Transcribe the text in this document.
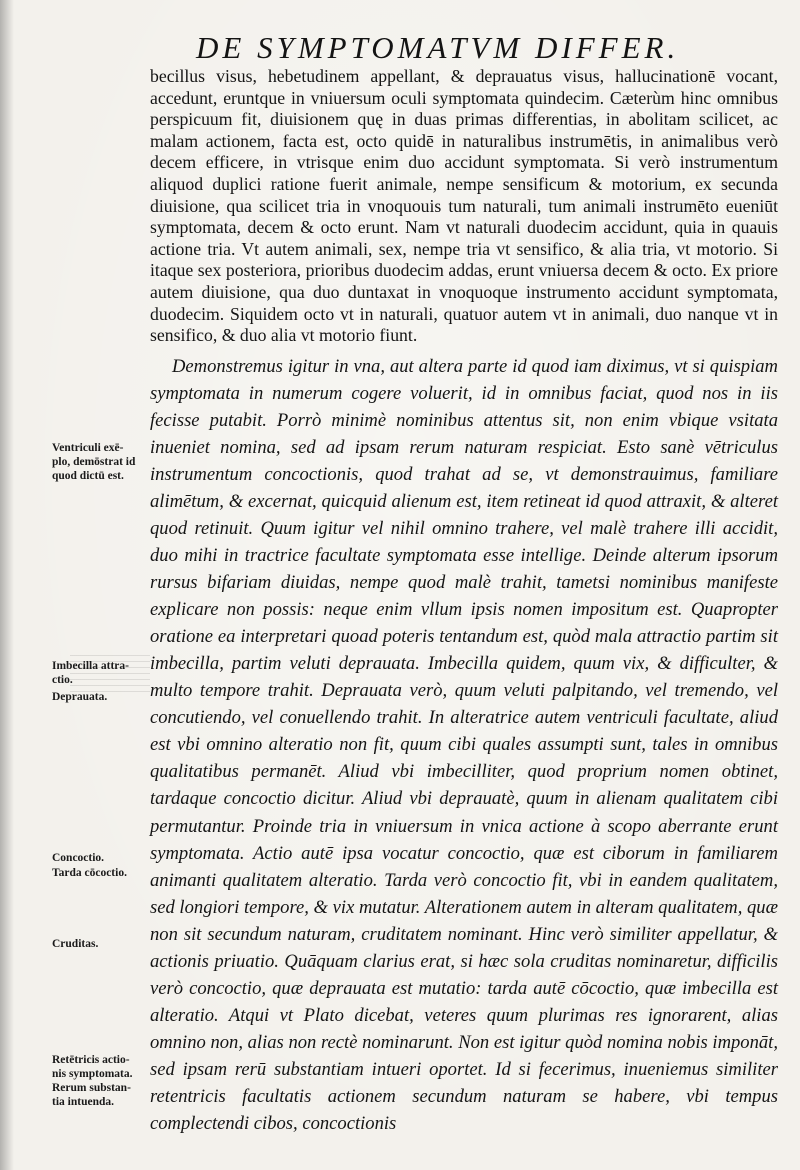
DE SYMPTOMATVM DIFFER.

becillus visus, hebetudinem appellant, & deprauatus visus, hallucinationē vocant, accedunt, eruntque in vniuersum oculi symptomata quindecim. Cæterùm hinc omnibus perspicuum fit, diuisionem quę in duas primas differentias, in abolitam scilicet, ac malam actionem, facta est, octo quidē in naturalibus instrumētis, in animalibus verò decem efficere, in vtrisque enim duo accidunt symptomata. Si verò instrumentum aliquod duplici ratione fuerit animale, nempe sensificum & motorium, ex secunda diuisione, qua scilicet tria in vnoquouis tum naturali, tum animali instrumēto eueniūt symptomata, decem & octo erunt. Nam vt naturali duodecim accidunt, quia in quauis actione tria. Vt autem animali, sex, nempe tria vt sensifico, & alia tria, vt motorio. Si itaque sex posteriora, prioribus duodecim addas, erunt vniuersa decem & octo. Ex priore autem diuisione, qua duo duntaxat in vnoquoque instrumento accidunt symptomata, duodecim. Siquidem octo vt in naturali, quatuor autem vt in animali, duo nanque vt in sensifico, & duo alia vt motorio fiunt.

Demonstremus igitur in vna, aut altera parte id quod iam diximus, vt si quispiam symptomata in numerum cogere voluerit, id in omnibus faciat, quod nos in iis fecisse putabit. Porrò minimè nominibus attentus sit, non enim vbique vsitata inueniet nomina, sed ad ipsam rerum naturam respiciat. Esto sanè vētriculus instrumentum concoctionis, quod trahat ad se, vt demonstrauimus, familiare alimētum, & excernat, quicquid alienum est, item retineat id quod attraxit, & alteret quod retinuit. Quum igitur vel nihil omnino trahere, vel malè trahere illi accidit, duo mihi in tractrice facultate symptomata esse intellige. Deinde alterum ipsorum rursus bifariam diuidas, nempe quod malè trahit, tametsi nominibus manifeste explicare non possis: neque enim vllum ipsis nomen impositum est. Quapropter oratione ea interpretari quoad poteris tentandum est, quòd mala attractio partim sit imbecilla, partim veluti deprauata. Imbecilla quidem, quum vix, & difficulter, & multo tempore trahit. Deprauata verò, quum veluti palpitando, vel tremendo, vel concutiendo, vel conuellendo trahit. In alteratrice autem ventriculi facultate, aliud est vbi omnino alteratio non fit, quum cibi quales assumpti sunt, tales in omnibus qualitatibus permanēt. Aliud vbi imbecilliter, quod proprium nomen obtinet, tardaque concoctio dicitur. Aliud vbi deprauatè, quum in alienam qualitatem cibi permutantur. Proinde tria in vniuersum in vnica actione à scopo aberrante erunt symptomata. Actio autē ipsa vocatur concoctio, quæ est ciborum in familiarem animanti qualitatem alteratio. Tarda verò concoctio fit, vbi in eandem qualitatem, sed longiori tempore, & vix mutatur. Alterationem autem in alteram qualitatem, quæ non sit secundum naturam, cruditatem nominant. Hinc verò similiter appellatur, & actionis priuatio. Quāquam clarius erat, si hæc sola cruditas nominaretur, difficilis verò concoctio, quæ deprauata est mutatio: tarda autē cōcoctio, quæ imbecilla est alteratio. Atqui vt Plato dicebat, veteres quum plurimas res ignorarent, alias omnino non, alias non rectè nominarunt. Non est igitur quòd nomina nobis imponāt, sed ipsam rerū substantiam intueri oportet. Id si fecerimus, inueniemus similiter retentricis facultatis actionem secundum naturam se habere, vbi tempus complectendi cibos, concoctionis

Ventriculi exē-
plo, demōstrat id
quod dictū est.
Imbecilla attra-
ctio.
Deprauata.
Concoctio.
Tarda cōcoctio.
Cruditas.
Retētricis actio-
nis symptomata.
Rerum substan-
tia intuenda.
